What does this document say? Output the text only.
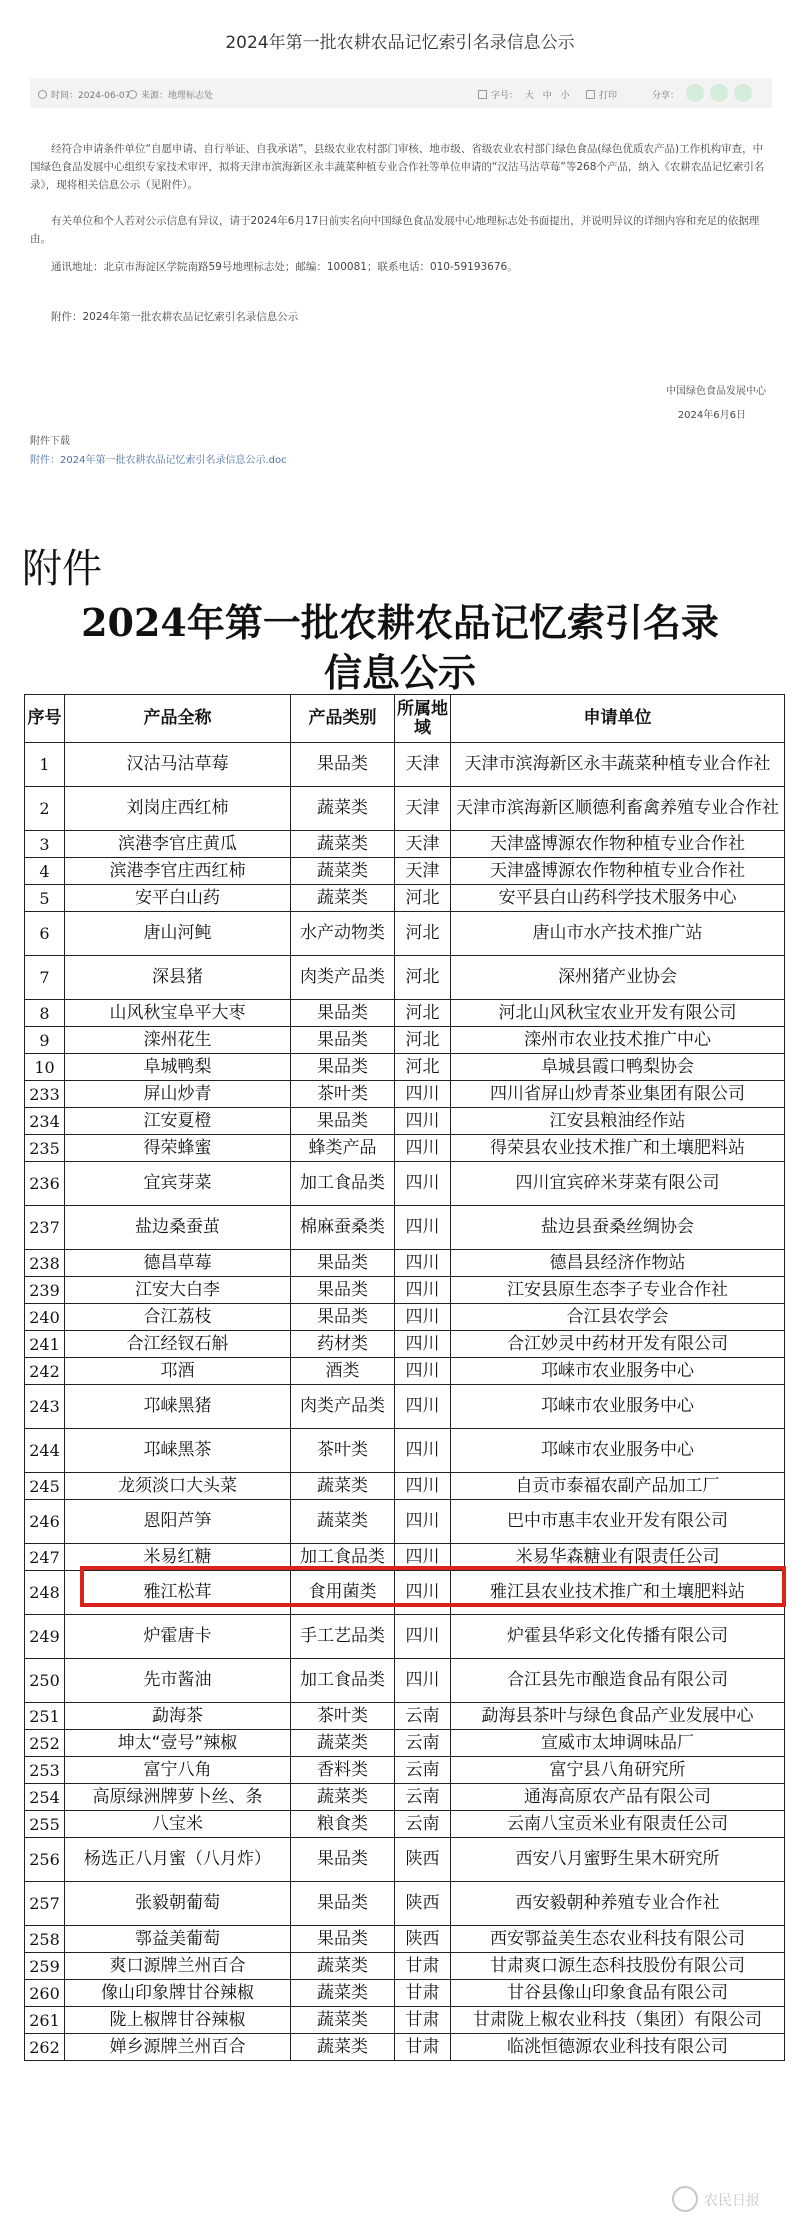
2024年第一批农耕农品记忆索引名录信息公示
时间：2024-06-07	来源：地理标志处	字号： 大 中 小	打印	分享：

经符合申请条件单位“自愿申请、自行举证、自我承诺”，县级农业农村部门审核、地市级、省级农业农村部门绿色食品(绿色优质农产品)工作机构审查，中国绿色食品发展中心组织专家技术审评，拟将天津市滨海新区永丰蔬菜种植专业合作社等单位申请的“汉沽马沽草莓”等268个产品，纳入《农耕农品记忆索引名录》，现将相关信息公示（见附件）。

有关单位和个人若对公示信息有异议，请于2024年6月17日前实名向中国绿色食品发展中心地理标志处书面提出，并说明异议的详细内容和充足的依据理由。

通讯地址：北京市海淀区学院南路59号地理标志处；邮编：100081；联系电话：010-59193676。

附件：2024年第一批农耕农品记忆索引名录信息公示

中国绿色食品发展中心
2024年6月6日
附件下载
附件：2024年第一批农耕农品记忆索引名录信息公示.doc
附件
2024年第一批农耕农品记忆索引名录
信息公示
序号	产品全称	产品类别	所属地域	申请单位
1	汉沽马沽草莓	果品类	天津	天津市滨海新区永丰蔬菜种植专业合作社
2	刘岗庄西红柿	蔬菜类	天津	天津市滨海新区顺德利畜禽养殖专业合作社
3	滨港李官庄黄瓜	蔬菜类	天津	天津盛博源农作物种植专业合作社
4	滨港李官庄西红柿	蔬菜类	天津	天津盛博源农作物种植专业合作社
5	安平白山药	蔬菜类	河北	安平县白山药科学技术服务中心
6	唐山河鲀	水产动物类	河北	唐山市水产技术推广站
7	深县猪	肉类产品类	河北	深州猪产业协会
8	山风秋宝阜平大枣	果品类	河北	河北山风秋宝农业开发有限公司
9	滦州花生	果品类	河北	滦州市农业技术推广中心
10	阜城鸭梨	果品类	河北	阜城县霞口鸭梨协会
233	屏山炒青	茶叶类	四川	四川省屏山炒青茶业集团有限公司
234	江安夏橙	果品类	四川	江安县粮油经作站
235	得荣蜂蜜	蜂类产品	四川	得荣县农业技术推广和土壤肥料站
236	宜宾芽菜	加工食品类	四川	四川宜宾碎米芽菜有限公司
237	盐边桑蚕茧	棉麻蚕桑类	四川	盐边县蚕桑丝绸协会
238	德昌草莓	果品类	四川	德昌县经济作物站
239	江安大白李	果品类	四川	江安县原生态李子专业合作社
240	合江荔枝	果品类	四川	合江县农学会
241	合江经钗石斛	药材类	四川	合江妙灵中药材开发有限公司
242	邛酒	酒类	四川	邛崃市农业服务中心
243	邛崃黑猪	肉类产品类	四川	邛崃市农业服务中心
244	邛崃黑茶	茶叶类	四川	邛崃市农业服务中心
245	龙须淡口大头菜	蔬菜类	四川	自贡市泰福农副产品加工厂
246	恩阳芦笋	蔬菜类	四川	巴中市惠丰农业开发有限公司
247	米易红糖	加工食品类	四川	米易华森糖业有限责任公司
248	雅江松茸	食用菌类	四川	雅江县农业技术推广和土壤肥料站
249	炉霍唐卡	手工艺品类	四川	炉霍县华彩文化传播有限公司
250	先市酱油	加工食品类	四川	合江县先市酿造食品有限公司
251	勐海茶	茶叶类	云南	勐海县茶叶与绿色食品产业发展中心
252	坤太“壹号”辣椒	蔬菜类	云南	宣威市太坤调味品厂
253	富宁八角	香料类	云南	富宁县八角研究所
254	高原绿洲牌萝卜丝、条	蔬菜类	云南	通海高原农产品有限公司
255	八宝米	粮食类	云南	云南八宝贡米业有限责任公司
256	杨选正八月蜜（八月炸）	果品类	陕西	西安八月蜜野生果木研究所
257	张毅朝葡萄	果品类	陕西	西安毅朝种养殖专业合作社
258	鄠益美葡萄	果品类	陕西	西安鄠益美生态农业科技有限公司
259	爽口源牌兰州百合	蔬菜类	甘肃	甘肃爽口源生态科技股份有限公司
260	像山印象牌甘谷辣椒	蔬菜类	甘肃	甘谷县像山印象食品有限公司
261	陇上椒牌甘谷辣椒	蔬菜类	甘肃	甘肃陇上椒农业科技（集团）有限公司
262	婵乡源牌兰州百合	蔬菜类	甘肃	临洮恒德源农业科技有限公司
农民日报
